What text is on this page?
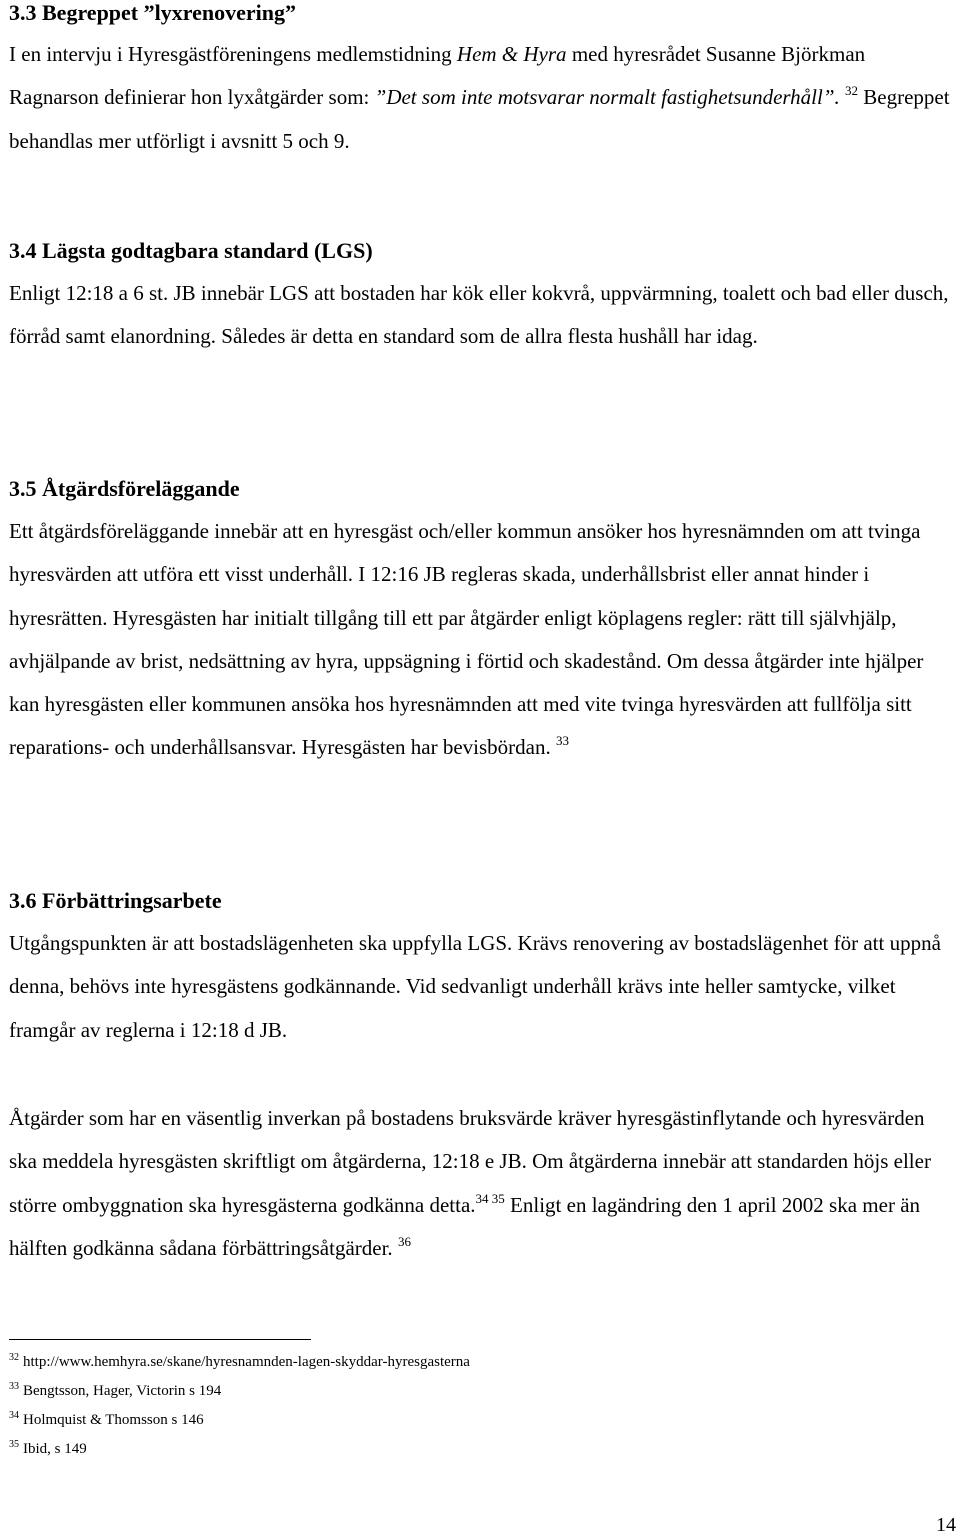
3.3 Begreppet ”lyxrenovering”
I en intervju i Hyresgästföreningens medlemstidning Hem & Hyra med hyresrådet Susanne Björkman Ragnarson definierar hon lyxåtgärder som: ”Det som inte motsvarar normalt fastighetsunderhåll”. $^{32}$ Begreppet behandlas mer utförligt i avsnitt 5 och 9.
3.4 Lägsta godtagbara standard (LGS)
Enligt 12:18 a 6 st. JB innebär LGS att bostaden har kök eller kokvrå, uppvärmning, toalett och bad eller dusch, förråd samt elanordning. Således är detta en standard som de allra flesta hushåll har idag.
3.5 Åtgärdsföreläggande
Ett åtgärdsföreläggande innebär att en hyresgäst och/eller kommun ansöker hos hyresnämnden om att tvinga hyresvärden att utföra ett visst underhåll. I 12:16 JB regleras skada, underhållsbrist eller annat hinder i hyresrätten. Hyresgästen har initialt tillgång till ett par åtgärder enligt köplagens regler: rätt till självhjälp, avhjälpande av brist, nedsättning av hyra, uppsägning i förtid och skadestånd. Om dessa åtgärder inte hjälper kan hyresgästen eller kommunen ansöka hos hyresnämnden att med vite tvinga hyresvärden att fullfölja sitt reparations- och underhållsansvar. Hyresgästen har bevisbördan. $^{33}$
3.6 Förbättringsarbete
Utgångspunkten är att bostadslägenheten ska uppfylla LGS. Krävs renovering av bostadslägenhet för att uppnå denna, behövs inte hyresgästens godkännande. Vid sedvanligt underhåll krävs inte heller samtycke, vilket framgår av reglerna i 12:18 d JB.
Åtgärder som har en väsentlig inverkan på bostadens bruksvärde kräver hyresgästinflytande och hyresvärden ska meddela hyresgästen skriftligt om åtgärderna, 12:18 e JB. Om åtgärderna innebär att standarden höjs eller större ombyggnation ska hyresgästerna godkänna detta.$^{34 35}$ Enligt en lagändring den 1 april 2002 ska mer än hälften godkänna sådana förbättringsåtgärder. $^{36}$
$^{32}$ http://www.hemhyra.se/skane/hyresnamnden-lagen-skyddar-hyresgasterna
$^{33}$ Bengtsson, Hager, Victorin s 194
$^{34}$ Holmquist & Thomsson s 146
$^{35}$ Ibid, s 149
14
